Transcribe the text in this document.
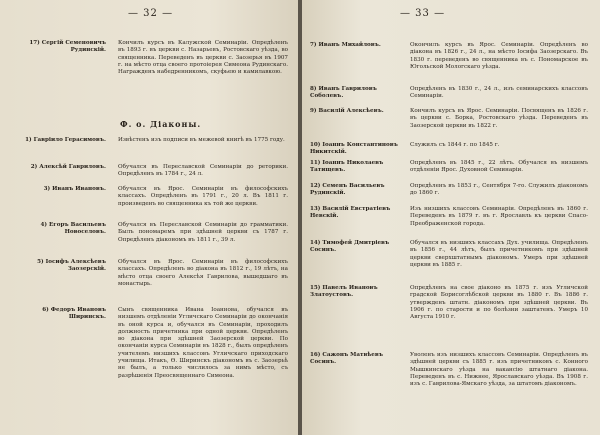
— 32 —
17) Сергій Семеновичъ
Рудинскій.
Кончилъ курсъ въ Калужской Семинаріи. Опредѣленъ въ 1893 г. въ церкви с. Назарьевъ, Ростовскаго уѣзда, во священника. Переведенъ въ церкви с. Заозерья въ 1907 г. на мѣсто отца своего протоіерея Симеона Рудинскаго. Награжденъ набедренникомъ, скуфьею и камилавкою.
Ф. о. Діаконы.
1) Гавріило Герасимовъ. Извѣстенъ изъ подписи въ межевой книгѣ въ 1775 году.
2) Алексѣй Гавриловъ. Обучался въ Переславской Семинаріи до реторики. Опредѣленъ въ 1784 г., 24 л.
3) Иванъ Ивановъ. Обучался въ Ярос. Семинаріи въ философскихъ классахъ. Опредѣленъ въ 1791 г., 20 л. Въ 1811 г. произведенъ во священника къ той же церкви.
4) Егоръ Васильевъ
Новоселовъ.
Обучался въ Переславской Семинаріи до грамматики. Былъ пономаремъ при здѣшней церкви съ 1787 г. Опредѣленъ діакономъ въ 1811 г., 39 л.
5) Іосифъ Алексѣевъ
Заозерскій.
Обучался въ Ярос. Семинаріи въ философскихъ классахъ. Опредѣленъ во діакона въ 1812 г., 19 лѣтъ, на мѣсто отца своего Алексѣя Гаврилова, вышедшаго въ монастырь.
6) Федоръ Ивановъ
Ширинскъ.
Сынъ священника Ивана Іоаннова, обучался въ низшемъ отдѣленіи Угличскаго Семинаріи до окончанія въ оной курса и, обучался въ Семинаріи, проходилъ должность причетника при одной церкви. Опредѣленъ во діакона при здѣшней Заозерской церкви. По окончаніи курса Семинаріи въ 1828 г., былъ опредѣленъ учителемъ низшихъ классовъ Угличскаго приходскаго училища. Итакъ, Ѳ. Ширинскъ діакономъ въ с. Заозерьѣ не былъ, а только числилось за нимъ мѣсто, съ разрѣшенія Преосвященнаго Симеона.
— 33 —
7) Иванъ Михайловъ.	Окончилъ курсъ въ Ярос. Семинаріи. Опредѣленъ во діакона въ 1826 г., 24 л., на мѣсто Іосифа Заозерскаго. Въ 1830 г. переведенъ во священника въ с. Пономарское въ Югольской Мологскаго уѣзда.
8) Иванъ Гавриловъ
Соболевъ.
Опредѣленъ въ 1830 г., 24 л., изъ семинарскихъ классовъ Семинаріи.
9) Василій Алексѣевъ.	Кончилъ курсъ въ Ярос. Семинаріи. Посвященъ въ 1826 г. въ церкви с. Борка, Ростовскаго уѣзда. Переведенъ въ Заозерской церкви въ 1822 г.
10) Іоаннъ Константиновъ
Никитскій.
Служилъ съ 1844 г. по 1845 г.
11) Іоаннъ Николаевъ
Татищевъ.
Опредѣленъ въ 1845 г., 22 лѣтъ. Обучался въ низшемъ отдѣленіи Ярос. Духовной Семинаріи.
12) Семенъ Васильевъ
Рудинскій.
Опредѣленъ въ 1853 г., Сентября 7-го. Служилъ діакономъ до 1860 г.
13) Василій Евстратіевъ
Невскій.
Изъ низшихъ классовъ Семинаріи. Опредѣленъ въ 1860 г. Переведенъ въ 1879 г. въ г. Ярославль къ церкви Спасо-Преображенской города.
14) Тимофей Дмитріевъ
Сосинъ.
Обучался въ низшихъ классахъ Дух. училища. Опредѣленъ въ 1856 г., 44 лѣтъ, былъ причетникомъ при здѣшней церкви сверхштатнымъ діакономъ. Умеръ при здѣшней церкви въ 1885 г.
15) Павелъ Ивановъ
Златоустовъ.
Опредѣленъ на свое діаконо въ 1875 г. изъ Угличской градской Борисоглѣбской церкви въ 1880 г. Въ 1886 г. утвержденъ штатн. діакономъ при здѣшней церкви. Въ 1906 г. по старости и по болѣзни заштатенъ. Умеръ 10 Августа 1910 г.
16) Сажонъ Матвѣевъ
Сосинъ.
Уволенъ изъ низшихъ классовъ Семинаріи. Опредѣленъ въ здѣшней церкви съ 1885 г. изъ причетниковъ с. Конного Мышкинскаго уѣзда на вакансію штатнаго діакона. Переведенъ въ с. Нижнее, Ярославскаго уѣзда. Въ 1908 г. изъ с. Гаврилова-Ямскаго уѣзда, за штатомъ діакономъ.
